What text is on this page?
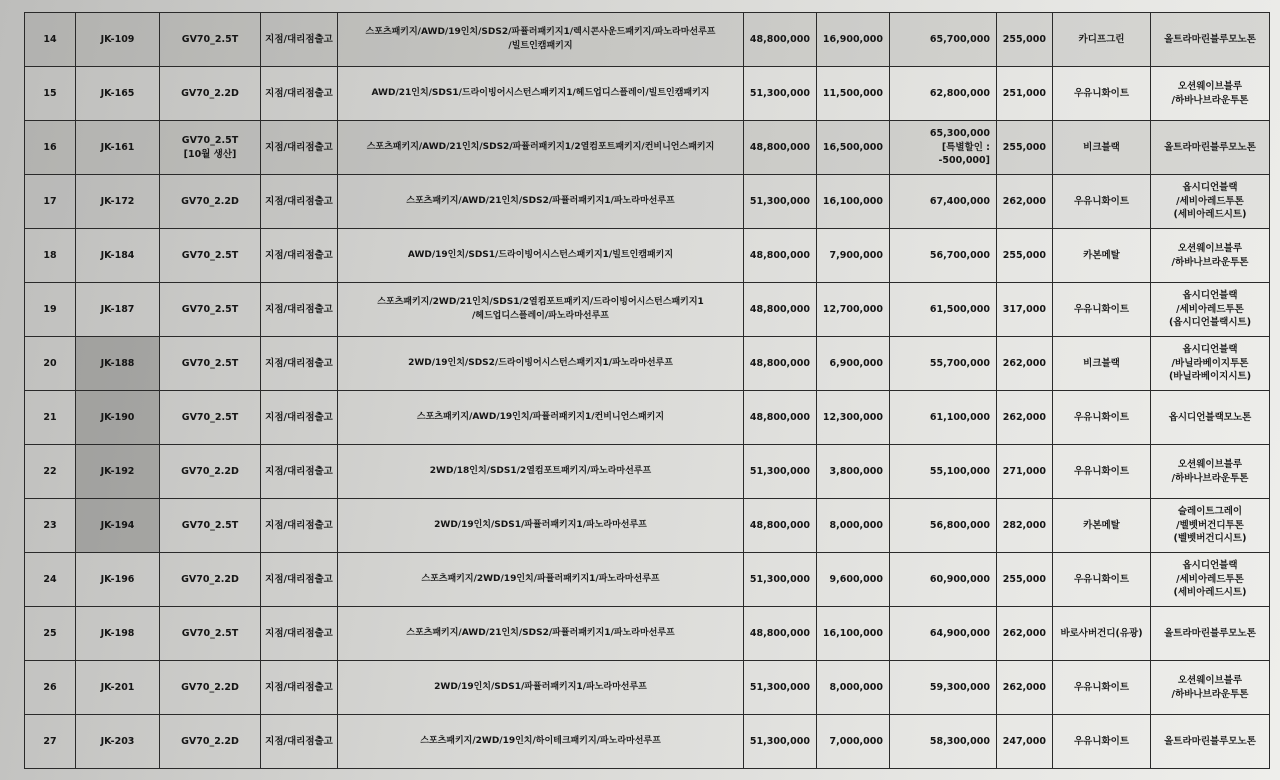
14	JK-109	GV70_2.5T	지점/대리점출고	스포츠패키지/AWD/19인치/SDS2/파퓰러패키지1/렉시콘사운드패키지/파노라마선루프
/빌트인캠패키지	48,800,000	16,900,000	65,700,000	255,000	카디프그린	올트라마린블루모노톤

15	JK-165	GV70_2.2D	지점/대리점출고	AWD/21인치/SDS1/드라이빙어시스턴스패키지1/헤드업디스플레이/빌트인캠패키지	51,300,000	11,500,000	62,800,000	251,000	우유니화이트	오션웨이브블루
/하바나브라운투톤

16	JK-161	GV70_2.5T
[10월 생산]	지점/대리점출고	스포츠패키지/AWD/21인치/SDS2/파퓰러패키지1/2열컴포트패키지/컨비니언스패키지	48,800,000	16,500,000	65,300,000
[특별할인 : -500,000]	255,000	비크블랙	올트라마린블루모노톤

17	JK-172	GV70_2.2D	지점/대리점출고	스포츠패키지/AWD/21인치/SDS2/파퓰러패키지1/파노라마선루프	51,300,000	16,100,000	67,400,000	262,000	우유니화이트	옵시디언블랙
/세비아레드투톤
(세비아레드시트)

18	JK-184	GV70_2.5T	지점/대리점출고	AWD/19인치/SDS1/드라이빙어시스턴스패키지1/빌트인캠패키지	48,800,000	7,900,000	56,700,000	255,000	카본메탈	오션웨이브블루
/하바나브라운투톤

19	JK-187	GV70_2.5T	지점/대리점출고	스포츠패키지/2WD/21인치/SDS1/2열컴포트패키지/드라이빙어시스턴스패키지1
/헤드업디스플레이/파노라마선루프	48,800,000	12,700,000	61,500,000	317,000	우유니화이트	옵시디언블랙
/세비아레드투톤
(옵시디언블랙시트)

20	JK-188	GV70_2.5T	지점/대리점출고	2WD/19인치/SDS2/드라이빙어시스턴스패키지1/파노라마선루프	48,800,000	6,900,000	55,700,000	262,000	비크블랙	옵시디언블랙
/바닐라베이지투톤
(바닐라베이지시트)

21	JK-190	GV70_2.5T	지점/대리점출고	스포츠패키지/AWD/19인치/파퓰러패키지1/컨비니언스패키지	48,800,000	12,300,000	61,100,000	262,000	우유니화이트	옵시디언블랙모노톤

22	JK-192	GV70_2.2D	지점/대리점출고	2WD/18인치/SDS1/2열컴포트패키지/파노라마선루프	51,300,000	3,800,000	55,100,000	271,000	우유니화이트	오션웨이브블루
/하바나브라운투톤

23	JK-194	GV70_2.5T	지점/대리점출고	2WD/19인치/SDS1/파퓰러패키지1/파노라마선루프	48,800,000	8,000,000	56,800,000	282,000	카본메탈	슬레이트그레이
/벨벳버건디투톤
(벨벳버건디시트)

24	JK-196	GV70_2.2D	지점/대리점출고	스포츠패키지/2WD/19인치/파퓰러패키지1/파노라마선루프	51,300,000	9,600,000	60,900,000	255,000	우유니화이트	옵시디언블랙
/세비아레드투톤
(세비아레드시트)

25	JK-198	GV70_2.5T	지점/대리점출고	스포츠패키지/AWD/21인치/SDS2/파퓰러패키지1/파노라마선루프	48,800,000	16,100,000	64,900,000	262,000	바로사버건디(유광)	올트라마린블루모노톤

26	JK-201	GV70_2.2D	지점/대리점출고	2WD/19인치/SDS1/파퓰러패키지1/파노라마선루프	51,300,000	8,000,000	59,300,000	262,000	우유니화이트	오션웨이브블루
/하바나브라운투톤

27	JK-203	GV70_2.2D	지점/대리점출고	스포츠패키지/2WD/19인치/하이테크패키지/파노라마선루프	51,300,000	7,000,000	58,300,000	247,000	우유니화이트	올트라마린블루모노톤
